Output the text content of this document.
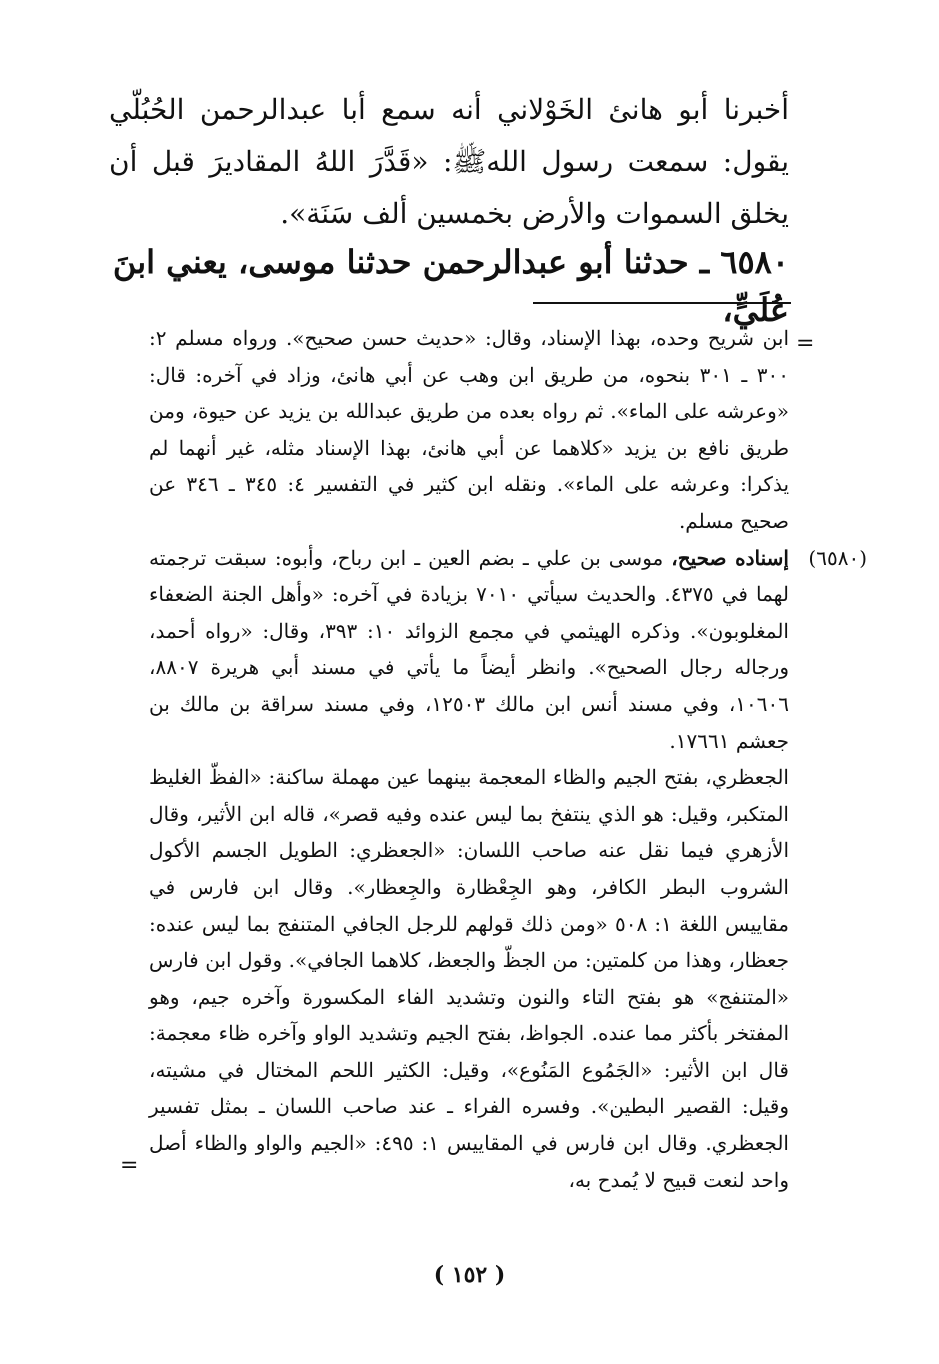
أخبرنا أبو هانئ الخَوْلاني أنه سمع أبا عبدالرحمن الحُبُلّي يقول: سمعت رسول اللهﷺ: «قَدَّرَ اللهُ المقاديرَ قبل أن يخلق السموات والأرض بخمسين ألف سَنَة».

٦٥٨٠ ـ حدثنا أبو عبدالرحمن حدثنا موسى، يعني ابنَ عُلَيٍّ،
=

ابن شريح وحده، بهذا الإسناد، وقال: «حديث حسن صحيح». ورواه مسلم ٢: ٣٠٠ ـ ٣٠١ بنحوه، من طريق ابن وهب عن أبي هانئ، وزاد في آخره: قال: «وعرشه على الماء». ثم رواه بعده من طريق عبدالله بن يزيد عن حيوة، ومن طريق نافع بن يزيد «كلاهما عن أبي هانئ، بهذا الإسناد مثله، غير أنهما لم يذكرا: وعرشه على الماء». ونقله ابن كثير في التفسير ٤: ٣٤٥ ـ ٣٤٦ عن صحيح مسلم.

(٦٥٨٠)

إسناده صحيح، موسى بن علي ـ بضم العين ـ ابن رباح، وأبوه: سبقت ترجمته لهما في ٤٣٧٥. والحديث سيأتي ٧٠١٠ بزيادة في آخره: «وأهل الجنة الضعفاء المغلوبون». وذكره الهيثمي في مجمع الزوائد ١٠: ٣٩٣، وقال: «رواه أحمد، ورجاله رجال الصحيح». وانظر أيضاً ما يأتي في مسند أبي هريرة ٨٨٠٧، ١٠٦٠٦، وفي مسند أنس ابن مالك ١٢٥٠٣، وفي مسند سراقة بن مالك بن جعشم ١٧٦٦١.

الجعظري، بفتح الجيم والظاء المعجمة بينهما عين مهملة ساكنة: «الفظّ الغليظ المتكبر، وقيل: هو الذي ينتفخ بما ليس عنده وفيه قصر»، قاله ابن الأثير، وقال الأزهري فيما نقل عنه صاحب اللسان: «الجعظري: الطويل الجسم الأكول الشروب البطر الكافر، وهو الجِعْظارة والجِعظار». وقال ابن فارس في مقاييس اللغة ١: ٥٠٨ «ومن ذلك قولهم للرجل الجافي المتنفج بما ليس عنده: جعظار، وهذا من كلمتين: من الجظّ والجعظ، كلاهما الجافي». وقول ابن فارس «المتنفج» هو بفتح التاء والنون وتشديد الفاء المكسورة وآخره جيم، وهو المفتخر بأكثر مما عنده. الجواظ، بفتح الجيم وتشديد الواو وآخره ظاء معجمة: قال ابن الأثير: «الجَمُوع المَنُوع»، وقيل: الكثير اللحم المختال في مشيته، وقيل: القصير البطين». وفسره الفراء ـ عند صاحب اللسان ـ بمثل تفسير الجعظري. وقال ابن فارس في المقاييس ١: ٤٩٥: «الجيم والواو والظاء أصل واحد لنعت قبيح لا يُمدح به،

=
( ١٥٢ )
